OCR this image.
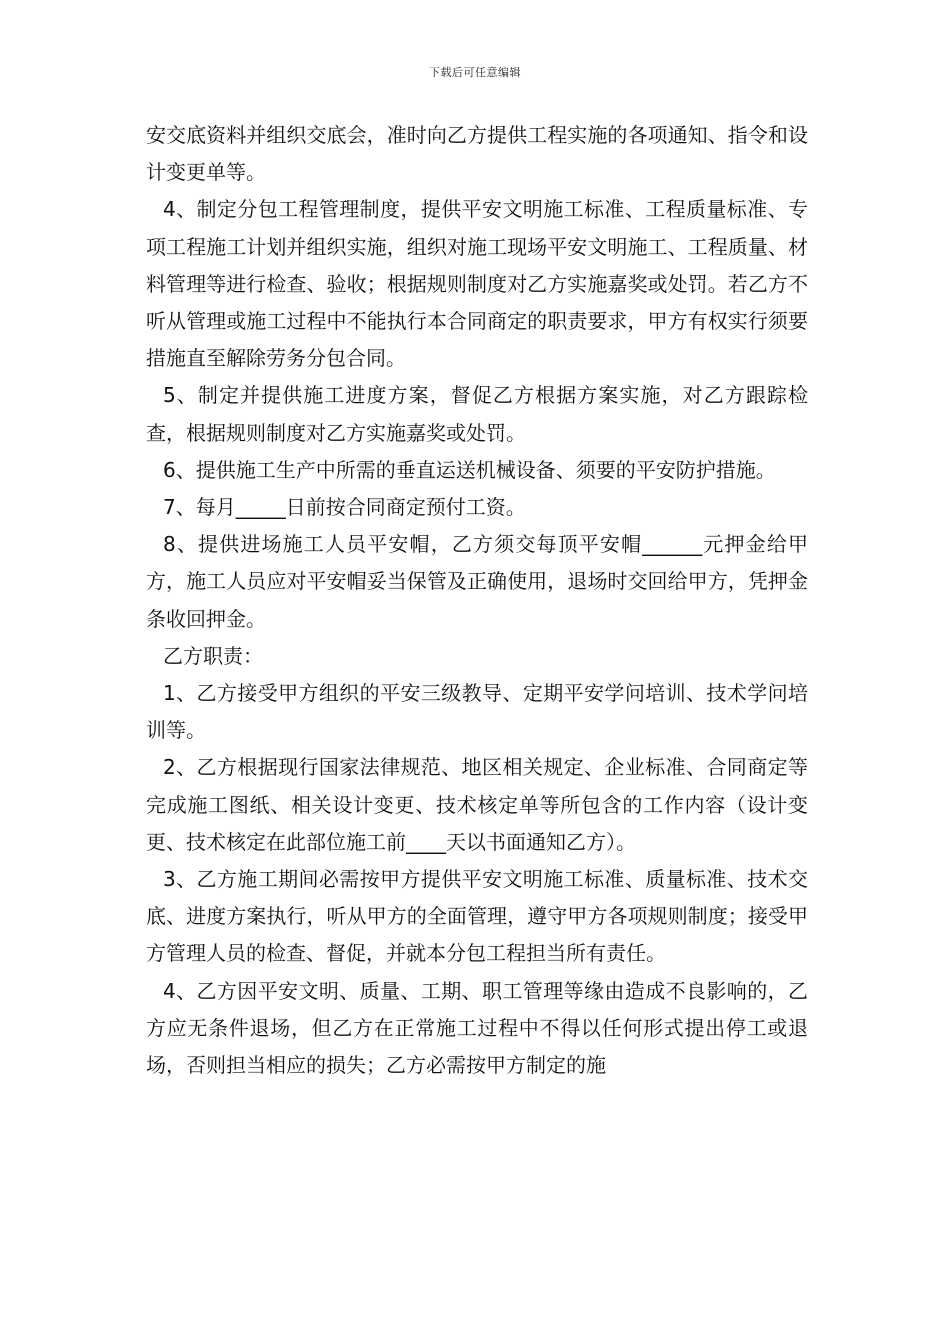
下载后可任意编辑

安交底资料并组织交底会，准时向乙方提供工程实施的各项通知、指令和设计变更单等。

4、制定分包工程管理制度，提供平安文明施工标准、工程质量标准、专项工程施工计划并组织实施，组织对施工现场平安文明施工、工程质量、材料管理等进行检查、验收；根据规则制度对乙方实施嘉奖或处罚。若乙方不听从管理或施工过程中不能执行本合同商定的职责要求，甲方有权实行须要措施直至解除劳务分包合同。

5、制定并提供施工进度方案，督促乙方根据方案实施，对乙方跟踪检查，根据规则制度对乙方实施嘉奖或处罚。

6、提供施工生产中所需的垂直运送机械设备、须要的平安防护措施。

7、每月_____日前按合同商定预付工资。

8、提供进场施工人员平安帽，乙方须交每顶平安帽______元押金给甲方，施工人员应对平安帽妥当保管及正确使用，退场时交回给甲方，凭押金条收回押金。

乙方职责：

1、乙方接受甲方组织的平安三级教导、定期平安学问培训、技术学问培训等。

2、乙方根据现行国家法律规范、地区相关规定、企业标准、合同商定等完成施工图纸、相关设计变更、技术核定单等所包含的工作内容（设计变更、技术核定在此部位施工前____天以书面通知乙方）。

3、乙方施工期间必需按甲方提供平安文明施工标准、质量标准、技术交底、进度方案执行，听从甲方的全面管理，遵守甲方各项规则制度；接受甲方管理人员的检查、督促，并就本分包工程担当所有责任。

4、乙方因平安文明、质量、工期、职工管理等缘由造成不良影响的，乙方应无条件退场，但乙方在正常施工过程中不得以任何形式提出停工或退场，否则担当相应的损失；乙方必需按甲方制定的施
